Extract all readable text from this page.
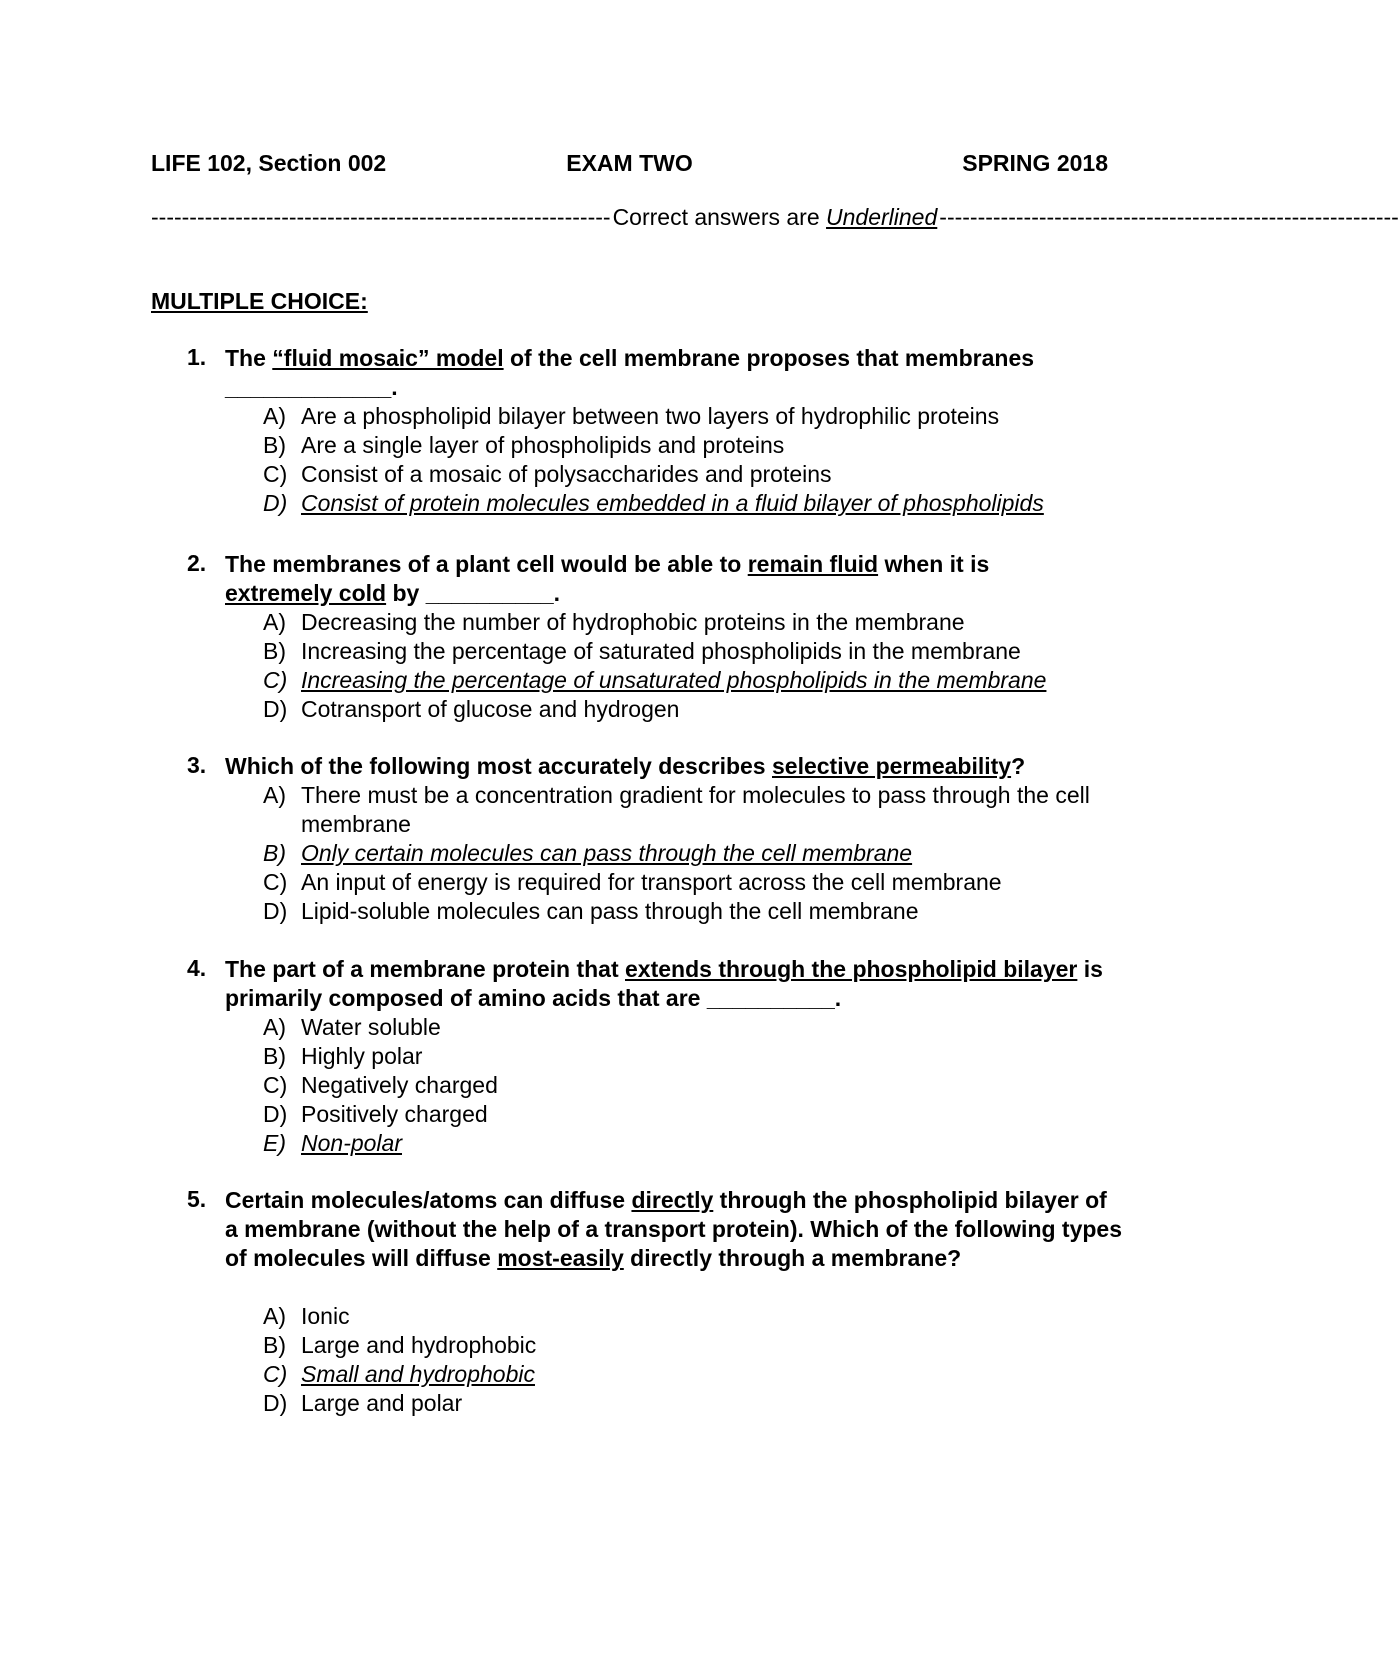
LIFE 102, Section 002	EXAM TWO	SPRING 2018
------------------------------------------------------------ Correct answers are Underlined ------------------------------------------------------------
MULTIPLE CHOICE:
1. The “fluid mosaic” model of the cell membrane proposes that membranes
_____________.
A) Are a phospholipid bilayer between two layers of hydrophilic proteins
B) Are a single layer of phospholipids and proteins
C) Consist of a mosaic of polysaccharides and proteins
D) Consist of protein molecules embedded in a fluid bilayer of phospholipids
2. The membranes of a plant cell would be able to remain fluid when it is
extremely cold by __________.
A) Decreasing the number of hydrophobic proteins in the membrane
B) Increasing the percentage of saturated phospholipids in the membrane
C) Increasing the percentage of unsaturated phospholipids in the membrane
D) Cotransport of glucose and hydrogen
3. Which of the following most accurately describes selective permeability?
A) There must be a concentration gradient for molecules to pass through the cell membrane
B) Only certain molecules can pass through the cell membrane
C) An input of energy is required for transport across the cell membrane
D) Lipid-soluble molecules can pass through the cell membrane
4. The part of a membrane protein that extends through the phospholipid bilayer is primarily composed of amino acids that are __________.
A) Water soluble
B) Highly polar
C) Negatively charged
D) Positively charged
E) Non-polar
5. Certain molecules/atoms can diffuse directly through the phospholipid bilayer of a membrane (without the help of a transport protein). Which of the following types of molecules will diffuse most-easily directly through a membrane?
A) Ionic
B) Large and hydrophobic
C) Small and hydrophobic
D) Large and polar
